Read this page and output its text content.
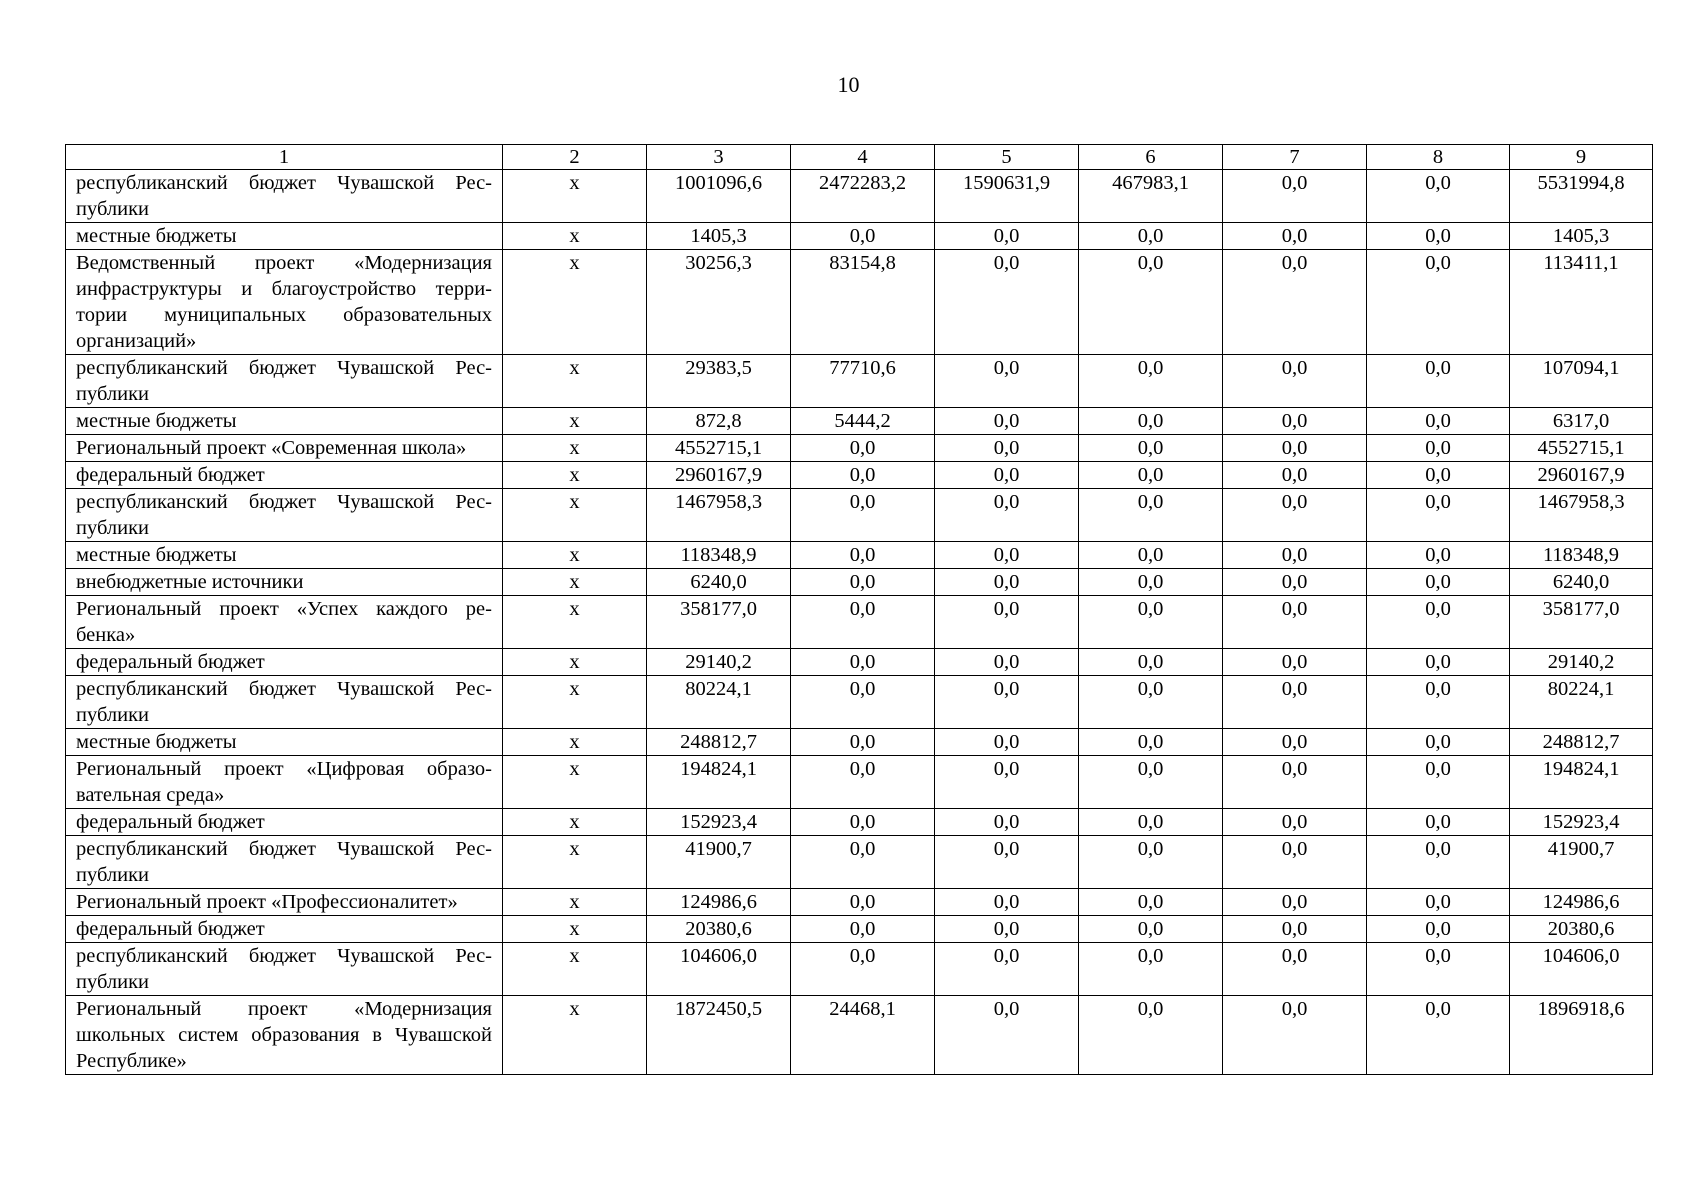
10
1	2	3	4	5	6	7	8	9
республиканский бюджет Чувашской Республики	х	1001096,6	2472283,2	1590631,9	467983,1	0,0	0,0	5531994,8
местные бюджеты	х	1405,3	0,0	0,0	0,0	0,0	0,0	1405,3
Ведомственный проект «Модернизация инфраструктуры и благоустройство территории муниципальных образовательных организаций»	х	30256,3	83154,8	0,0	0,0	0,0	0,0	113411,1
республиканский бюджет Чувашской Республики	х	29383,5	77710,6	0,0	0,0	0,0	0,0	107094,1
местные бюджеты	х	872,8	5444,2	0,0	0,0	0,0	0,0	6317,0
Региональный проект «Современная школа»	х	4552715,1	0,0	0,0	0,0	0,0	0,0	4552715,1
федеральный бюджет	х	2960167,9	0,0	0,0	0,0	0,0	0,0	2960167,9
республиканский бюджет Чувашской Республики	х	1467958,3	0,0	0,0	0,0	0,0	0,0	1467958,3
местные бюджеты	х	118348,9	0,0	0,0	0,0	0,0	0,0	118348,9
внебюджетные источники	х	6240,0	0,0	0,0	0,0	0,0	0,0	6240,0
Региональный проект «Успех каждого ребенка»	х	358177,0	0,0	0,0	0,0	0,0	0,0	358177,0
федеральный бюджет	х	29140,2	0,0	0,0	0,0	0,0	0,0	29140,2
республиканский бюджет Чувашской Республики	х	80224,1	0,0	0,0	0,0	0,0	0,0	80224,1
местные бюджеты	х	248812,7	0,0	0,0	0,0	0,0	0,0	248812,7
Региональный проект «Цифровая образовательная среда»	х	194824,1	0,0	0,0	0,0	0,0	0,0	194824,1
федеральный бюджет	х	152923,4	0,0	0,0	0,0	0,0	0,0	152923,4
республиканский бюджет Чувашской Республики	х	41900,7	0,0	0,0	0,0	0,0	0,0	41900,7
Региональный проект «Профессионалитет»	х	124986,6	0,0	0,0	0,0	0,0	0,0	124986,6
федеральный бюджет	х	20380,6	0,0	0,0	0,0	0,0	0,0	20380,6
республиканский бюджет Чувашской Республики	х	104606,0	0,0	0,0	0,0	0,0	0,0	104606,0
Региональный проект «Модернизация школьных систем образования в Чувашской Республике»	х	1872450,5	24468,1	0,0	0,0	0,0	0,0	1896918,6
